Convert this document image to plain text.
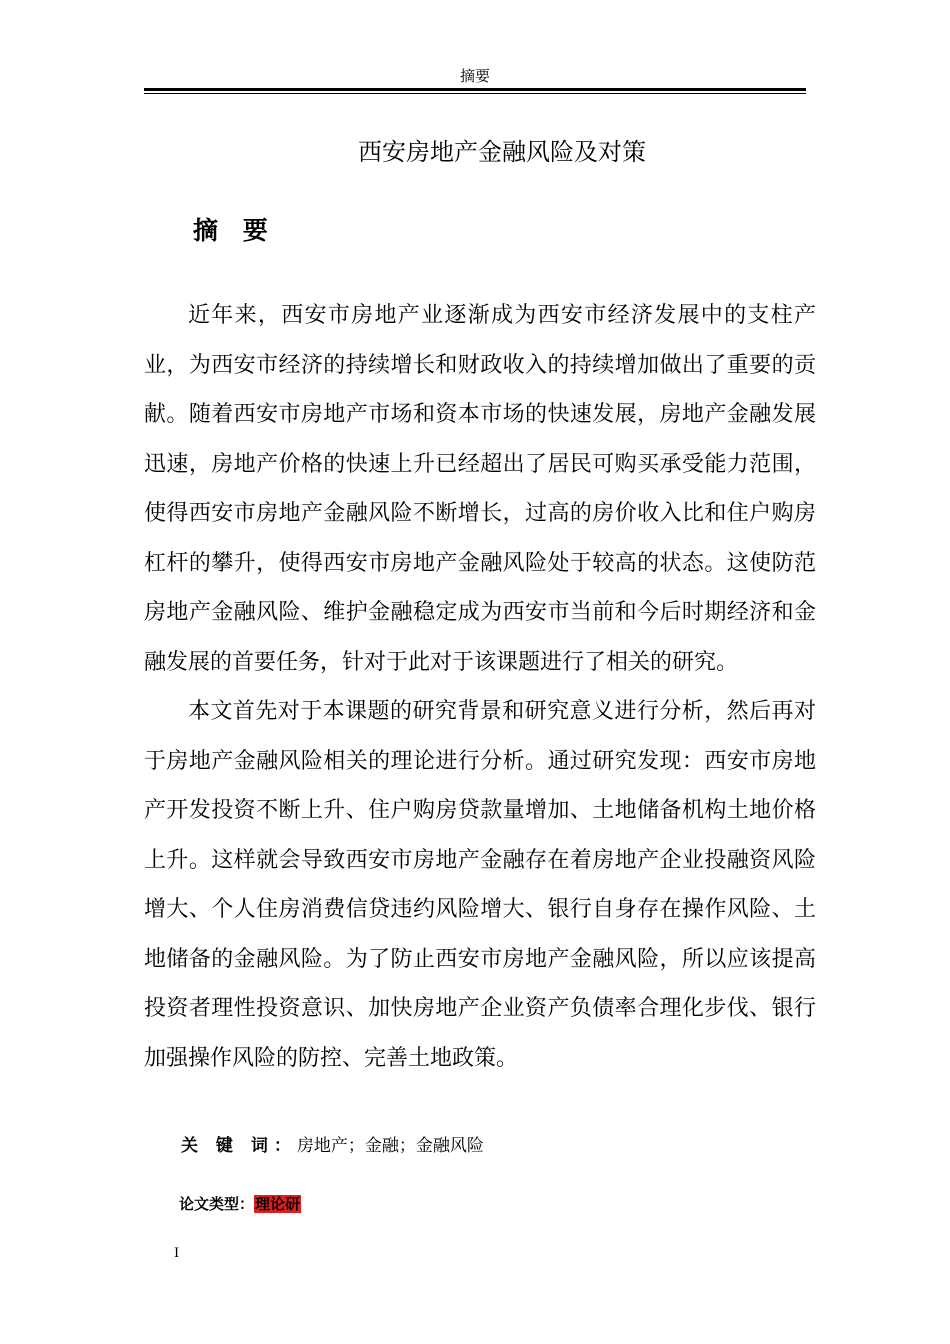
摘要
西安房地产金融风险及对策
摘 要

近年来，西安市房地产业逐渐成为西安市经济发展中的支柱产业，为西安市经济的持续增长和财政收入的持续增加做出了重要的贡献。随着西安市房地产市场和资本市场的快速发展，房地产金融发展迅速，房地产价格的快速上升已经超出了居民可购买承受能力范围，使得西安市房地产金融风险不断增长，过高的房价收入比和住户购房杠杆的攀升，使得西安市房地产金融风险处于较高的状态。这使防范房地产金融风险、维护金融稳定成为西安市当前和今后时期经济和金融发展的首要任务，针对于此对于该课题进行了相关的研究。

本文首先对于本课题的研究背景和研究意义进行分析，然后再对于房地产金融风险相关的理论进行分析。通过研究发现：西安市房地产开发投资不断上升、住户购房贷款量增加、土地储备机构土地价格上升。这样就会导致西安市房地产金融存在着房地产企业投融资风险增大、个人住房消费信贷违约风险增大、银行自身存在操作风险、土地储备的金融风险。为了防止西安市房地产金融风险，所以应该提高投资者理性投资意识、加快房地产企业资产负债率合理化步伐、银行加强操作风险的防控、完善土地政策。

关 键 词：房地产；金融；金融风险
论文类型：理论研
I
